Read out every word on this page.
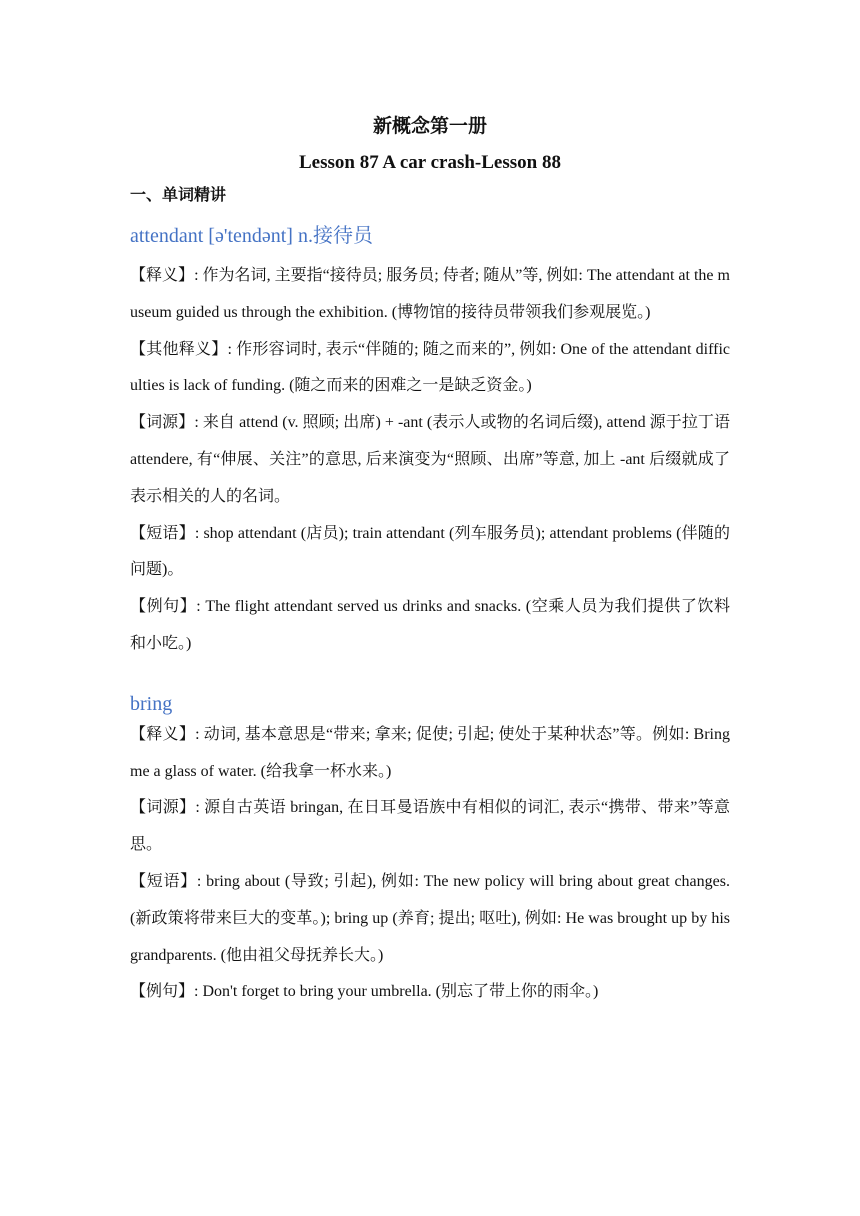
新概念第一册
Lesson 87 A car crash-Lesson 88
一、单词精讲
attendant [ə'tendənt] n.接待员

【释义】: 作为名词, 主要指“接待员; 服务员; 侍者; 随从”等, 例如: The attendant at the museum guided us through the exhibition. (博物馆的接待员带领我们参观展览。)

【其他释义】: 作形容词时, 表示“伴随的; 随之而来的”, 例如: One of the attendant difficulties is lack of funding. (随之而来的困难之一是缺乏资金。)

【词源】: 来自 attend (v. 照顾; 出席) + -ant (表示人或物的名词后缀), attend 源于拉丁语 attendere, 有“伸展、关注”的意思, 后来演变为“照顾、出席”等意, 加上 -ant 后缀就成了表示相关的人的名词。

【短语】: shop attendant (店员); train attendant (列车服务员); attendant problems (伴随的问题)。

【例句】: The flight attendant served us drinks and snacks. (空乘人员为我们提供了饮料和小吃。)

bring

【释义】: 动词, 基本意思是“带来; 拿来; 促使; 引起; 使处于某种状态”等。例如: Bring me a glass of water. (给我拿一杯水来。)

【词源】: 源自古英语 bringan, 在日耳曼语族中有相似的词汇, 表示“携带、带来”等意思。

【短语】: bring about (导致; 引起), 例如: The new policy will bring about great changes. (新政策将带来巨大的变革。); bring up (养育; 提出; 呕吐), 例如: He was brought up by his grandparents. (他由祖父母抚养长大。)

【例句】: Don't forget to bring your umbrella. (别忘了带上你的雨伞。)
